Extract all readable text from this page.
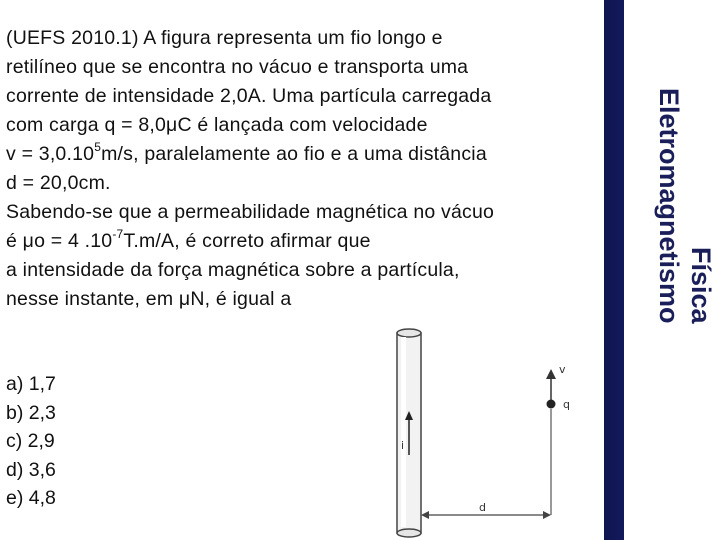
(UEFS 2010.1) A figura representa um fio longo e
retilíneo que se encontra no vácuo e transporta uma
corrente de intensidade 2,0A. Uma partícula carregada
com carga q = 8,0μC é lançada com velocidade
$v = 3,0.10^5m/s$, paralelamente ao fio e a uma distância
d = 20,0cm.
Sabendo-se que a permeabilidade magnética no vácuo
é μo = 4 $.10^{-7}T.m/A$, é correto afirmar que
a intensidade da força magnética sobre a partícula,
nesse instante, em μN, é igual a
a) 1,7
b) 2,3
c) 2,9
d) 3,6
e) 4,8
i
v
q
d
Física
Eletromagnetismo
Tomás
Wilson
